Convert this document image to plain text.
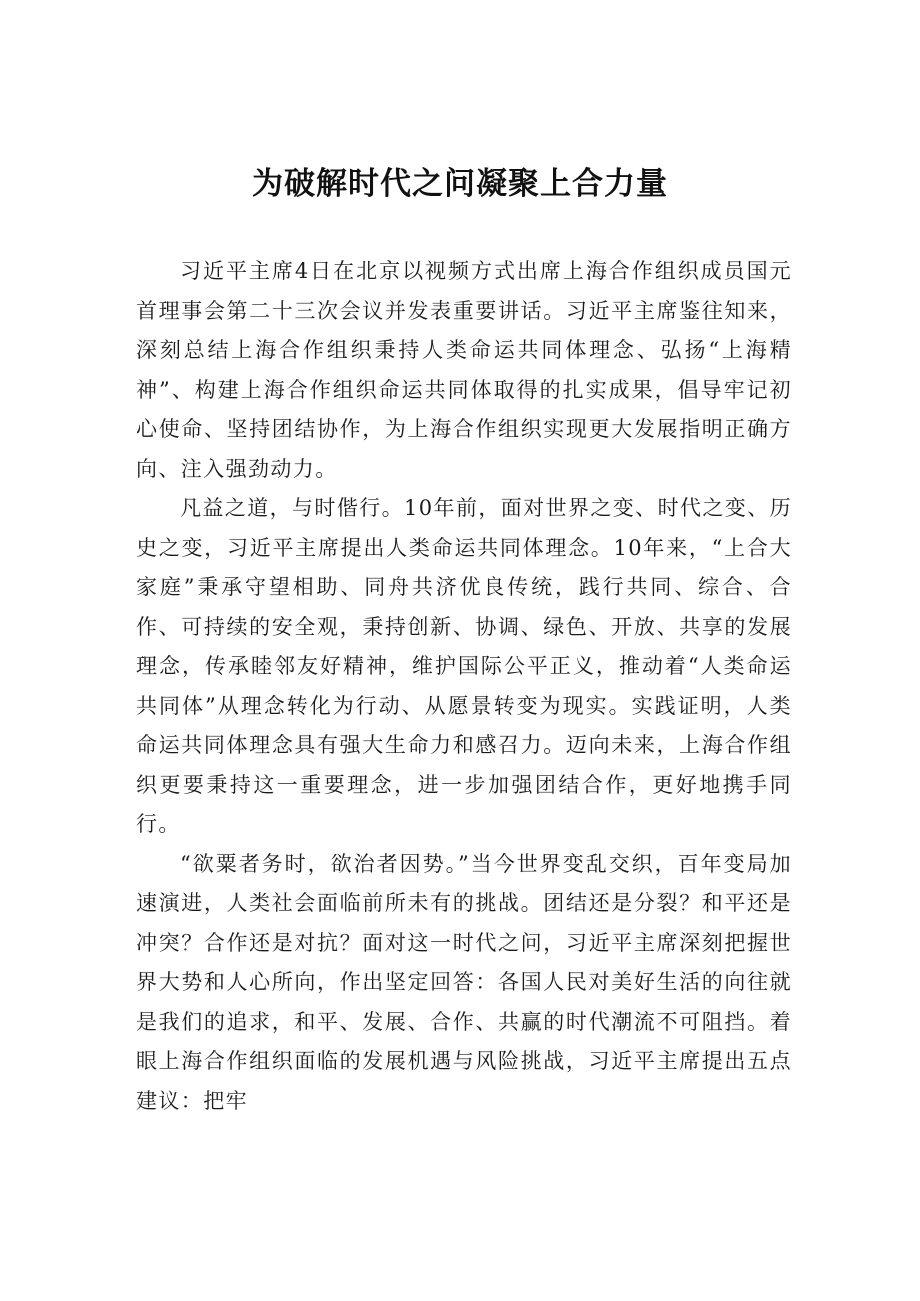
为破解时代之问凝聚上合力量

习近平主席4日在北京以视频方式出席上海合作组织成员国元首理事会第二十三次会议并发表重要讲话。习近平主席鉴往知来，深刻总结上海合作组织秉持人类命运共同体理念、弘扬“上海精神”、构建上海合作组织命运共同体取得的扎实成果，倡导牢记初心使命、坚持团结协作，为上海合作组织实现更大发展指明正确方向、注入强劲动力。

凡益之道，与时偕行。10年前，面对世界之变、时代之变、历史之变，习近平主席提出人类命运共同体理念。10年来，“上合大家庭”秉承守望相助、同舟共济优良传统，践行共同、综合、合作、可持续的安全观，秉持创新、协调、绿色、开放、共享的发展理念，传承睦邻友好精神，维护国际公平正义，推动着“人类命运共同体”从理念转化为行动、从愿景转变为现实。实践证明，人类命运共同体理念具有强大生命力和感召力。迈向未来，上海合作组织更要秉持这一重要理念，进一步加强团结合作，更好地携手同行。

“欲粟者务时，欲治者因势。”当今世界变乱交织，百年变局加速演进，人类社会面临前所未有的挑战。团结还是分裂？和平还是冲突？合作还是对抗？面对这一时代之问，习近平主席深刻把握世界大势和人心所向，作出坚定回答：各国人民对美好生活的向往就是我们的追求，和平、发展、合作、共赢的时代潮流不可阻挡。着眼上海合作组织面临的发展机遇与风险挑战，习近平主席提出五点建议：把牢
